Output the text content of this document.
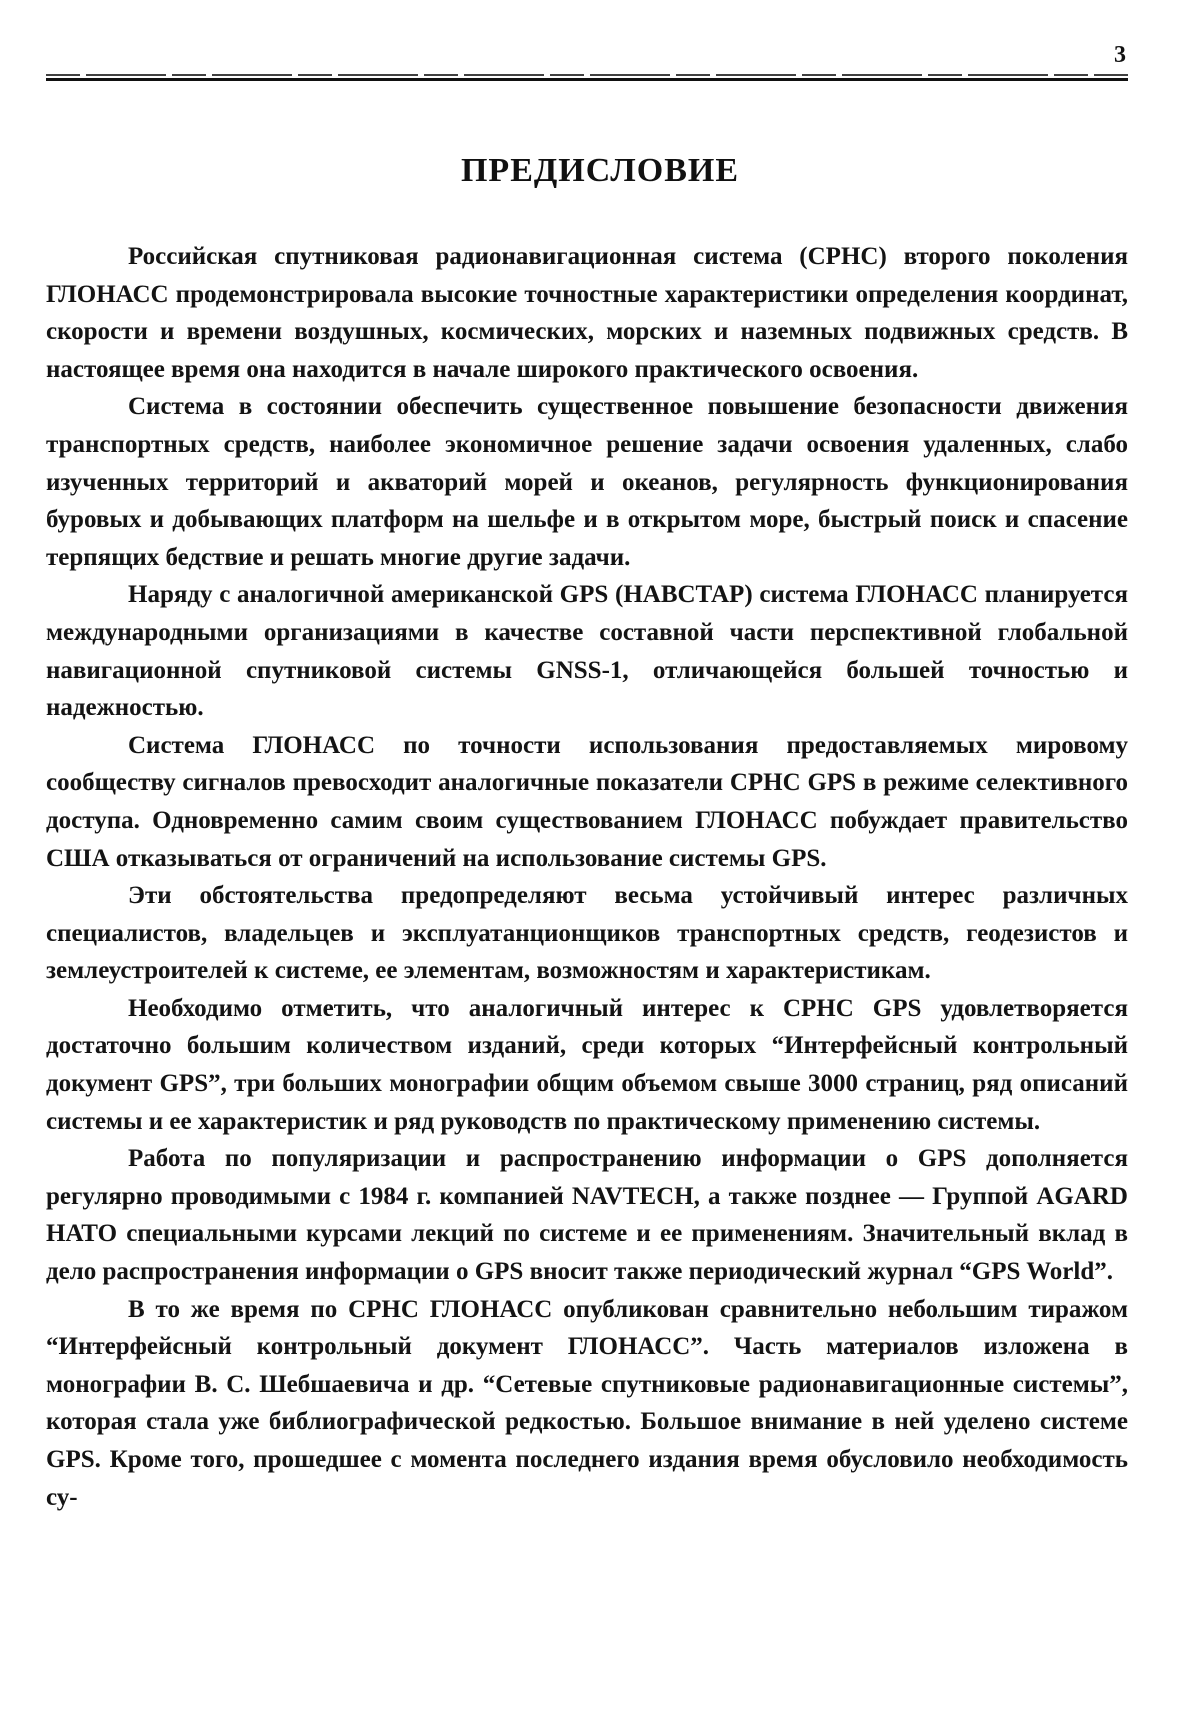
3
ПРЕДИСЛОВИЕ

Российская спутниковая радионавигационная система (СРНС) второго поколения ГЛОНАСС продемонстрировала высокие точностные характеристики определения координат, скорости и времени воздушных, космических, морских и наземных подвижных средств. В настоящее время она находится в начале широкого практического освоения.

Система в состоянии обеспечить существенное повышение безопасности движения транспортных средств, наиболее экономичное решение задачи освоения удаленных, слабо изученных территорий и акваторий морей и океанов, регулярность функционирования буровых и добывающих платформ на шельфе и в открытом море, быстрый поиск и спасение терпящих бедствие и решать многие другие задачи.

Наряду с аналогичной американской GPS (НАВСТАР) система ГЛОНАСС планируется международными организациями в качестве составной части перспективной глобальной навигационной спутниковой системы GNSS-1, отличающейся большей точностью и надежностью.

Система ГЛОНАСС по точности использования предоставляемых мировому сообществу сигналов превосходит аналогичные показатели СРНС GPS в режиме селективного доступа. Одновременно самим своим существованием ГЛОНАСС побуждает правительство США отказываться от ограничений на использование системы GPS.

Эти обстоятельства предопределяют весьма устойчивый интерес различных специалистов, владельцев и эксплуатанционщиков транспортных средств, геодезистов и землеустроителей к системе, ее элементам, возможностям и характеристикам.

Необходимо отметить, что аналогичный интерес к СРНС GPS удовлетворяется достаточно большим количеством изданий, среди которых “Интерфейсный контрольный документ GPS”, три больших монографии общим объемом свыше 3000 страниц, ряд описаний системы и ее характеристик и ряд руководств по практическому применению системы.

Работа по популяризации и распространению информации о GPS дополняется регулярно проводимыми с 1984 г. компанией NAVTECH, а также позднее — Группой AGARD НАТО специальными курсами лекций по системе и ее применениям. Значительный вклад в дело распространения информации о GPS вносит также периодический журнал “GPS World”.

В то же время по СРНС ГЛОНАСС опубликован сравнительно небольшим тиражом “Интерфейсный контрольный документ ГЛОНАСС”. Часть материалов изложена в монографии В. С. Шебшаевича и др. “Сетевые спутниковые радионавигационные системы”, которая стала уже библиографической редкостью. Большое внимание в ней уделено системе GPS. Кроме того, прошедшее с момента последнего издания время обусловило необходимость су-
